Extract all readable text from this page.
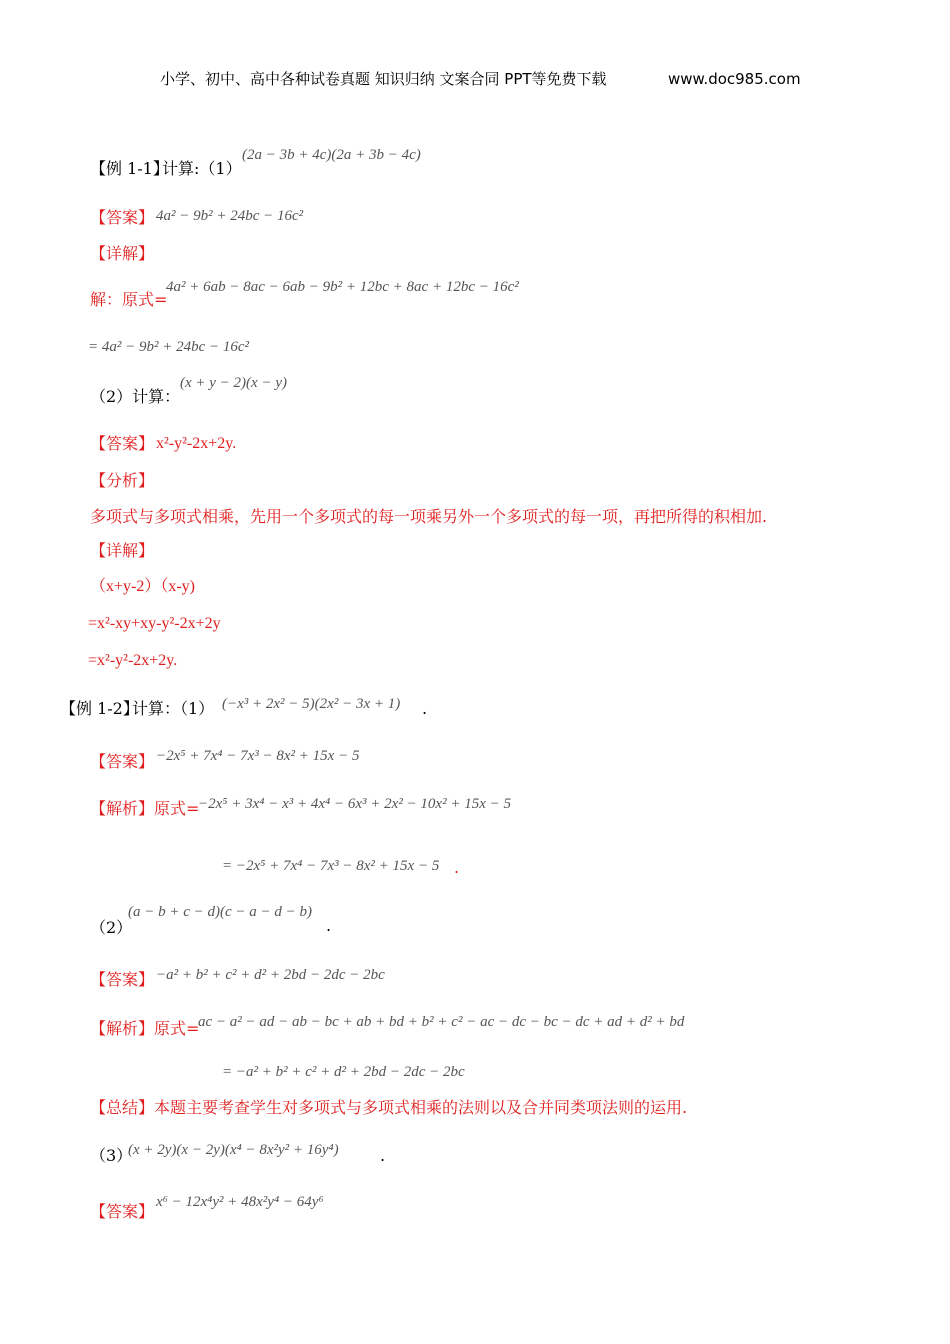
小学、初中、高中各种试卷真题 知识归纳 文案合同 PPT等免费下载	www.doc985.com
【例 1-1】
计算:（1）
(2a − 3b + 4c)(2a + 3b − 4c)
【答案】 4a² − 9b² + 24bc − 16c²
【详解】
解：原式=
4a² + 6ab − 8ac − 6ab − 9b² + 12bc + 8ac + 12bc − 16c²
= 4a² − 9b² + 24bc − 16c²
（2）计算：
(x + y − 2)(x − y)
【答案】 x²-y²-2x+2y.
【分析】
多项式与多项式相乘，先用一个多项式的每一项乘另外一个多项式的每一项，再把所得的积相加.
【详解】
（x+y-2）（x-y)
=x²-xy+xy-y²-2x+2y
=x²-y²-2x+2y.
【例 1-2】
计算：（1） (−x³ + 2x² − 5)(2x² − 3x + 1) .
【答案】 −2x⁵ + 7x⁴ − 7x³ − 8x² + 15x − 5
【解析】 原式=
−2x⁵ + 3x⁴ − x³ + 4x⁴ − 6x³ + 2x² − 10x² + 15x − 5
= −2x⁵ + 7x⁴ − 7x³ − 8x² + 15x − 5 .
（2）
(a − b + c − d)(c − a − d − b)
.
【答案】 −a² + b² + c² + d² + 2bd − 2dc − 2bc
【解析】 原式=
ac − a² − ad − ab − bc + ab + bd + b² + c² − ac − dc − bc − dc + ad + d² + bd
= −a² + b² + c² + d² + 2bd − 2dc − 2bc
【总结】 本题主要考查学生对多项式与多项式相乘的法则以及合并同类项法则的运用.
（3）
(x + 2y)(x − 2y)(x⁴ − 8x²y² + 16y⁴)	.
【答案】 x⁶ − 12x⁴y² + 48x²y⁴ − 64y⁶
